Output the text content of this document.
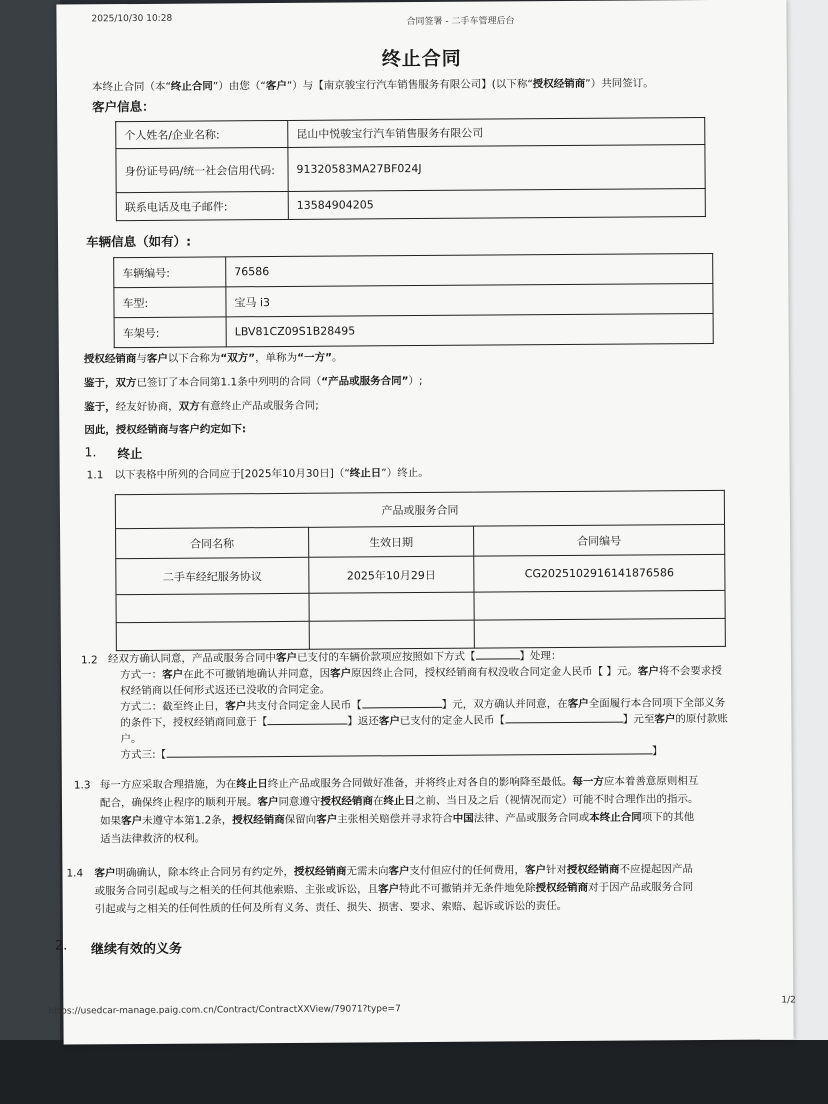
2025/10/30 10:28	合同签署 - 二手车管理后台
终止合同
本终止合同（本“终止合同”）由您（“客户”）与【南京骏宝行汽车销售服务有限公司】(以下称“授权经销商”）共同签订。
客户信息：
个人姓名/企业名称:	昆山中悦骏宝行汽车销售服务有限公司
身份证号码/统一社会信用代码:	91320583MA27BF024J
联系电话及电子邮件:	13584904205
车辆信息（如有）:
车辆编号:	76586
车型:	宝马 i3
车架号:	LBV81CZ09S1B28495
授权经销商与客户以下合称为“双方”，单称为“一方”。
鉴于，双方已签订了本合同第1.1条中列明的合同（“产品或服务合同”）;
鉴于，经友好协商，双方有意终止产品或服务合同;
因此，授权经销商与客户约定如下:
1. 终止
1.1 以下表格中所列的合同应于[2025年10月30日]（“终止日”）终止。
产品或服务合同		
合同名称	生效日期	合同编号
二手车经纪服务协议	2025年10月29日	CG2025102916141876586

1.2 经双方确认同意，产品或服务合同中客户已支付的车辆价款项应按照如下方式【	】处理：
方式一：客户在此不可撤销地确认并同意，因客户原因终止合同，授权经销商有权没收合同定金人民币【 】元。客户将不会要求授
权经销商以任何形式返还已没收的合同定金。
方式二：截至终止日，客户共支付合同定金人民币【	】元，双方确认并同意，在客户全面履行本合同项下全部义务
的条件下，授权经销商同意于【	】返还客户已支付的定金人民币【	】元至客户的原付款账
户。
方式三:【	】
1.3 每一方应采取合理措施，为在终止日终止产品或服务合同做好准备，并将终止对各自的影响降至最低。每一方应本着善意原则相互
配合，确保终止程序的顺利开展。客户同意遵守授权经销商在终止日之前、当日及之后（视情况而定）可能不时合理作出的指示。
如果客户未遵守本第1.2条，授权经销商保留向客户主张相关赔偿并寻求符合中国法律、产品或服务合同或本终止合同项下的其他
适当法律救济的权利。
1.4 客户明确确认，除本终止合同另有约定外，授权经销商无需未向客户支付但应付的任何费用，客户针对授权经销商不应提起因产品
或服务合同引起或与之相关的任何其他索赔、主张或诉讼，且客户特此不可撤销并无条件地免除授权经销商对于因产品或服务合同
引起或与之相关的任何性质的任何及所有义务、责任、损失、损害、要求、索赔、起诉或诉讼的责任。
2. 继续有效的义务
https://usedcar-manage.paig.com.cn/Contract/ContractXXView/79071?type=7
1/2
